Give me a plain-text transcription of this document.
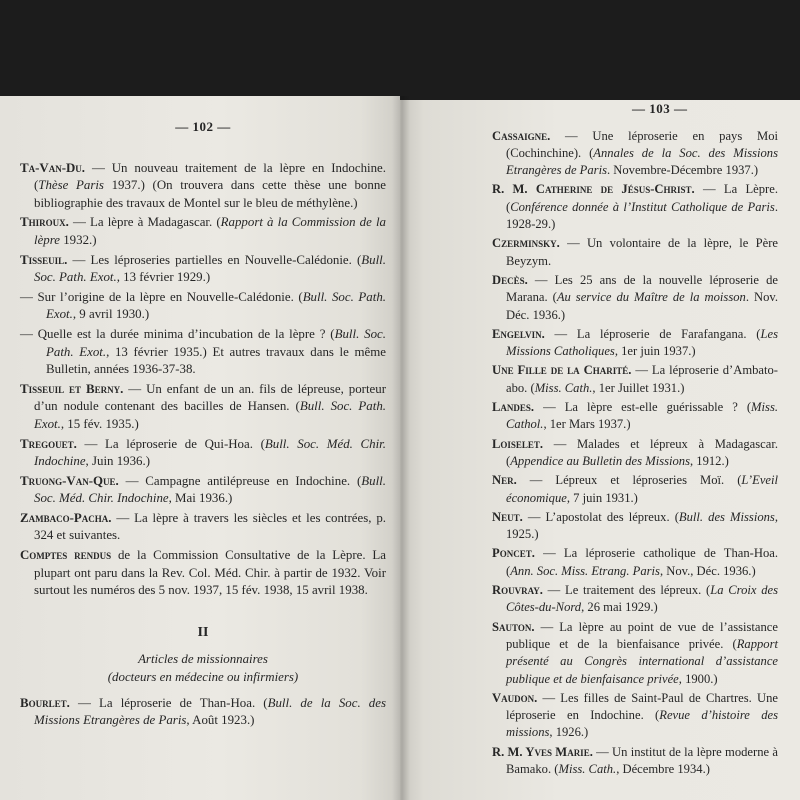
— 102 —

Ta-Van-Du. — Un nouveau traitement de la lèpre en Indochine. (Thèse Paris 1937.) (On trouvera dans cette thèse une bonne bibliographie des travaux de Montel sur le bleu de méthylène.)

Thiroux. — La lèpre à Madagascar. (Rapport à la Commission de la lèpre 1932.)

Tisseuil. — Les léproseries partielles en Nouvelle-Calédonie. (Bull. Soc. Path. Exot., 13 février 1929.)

— Sur l’origine de la lèpre en Nouvelle-Calédonie. (Bull. Soc. Path. Exot., 9 avril 1930.)

— Quelle est la durée minima d’incubation de la lèpre ? (Bull. Soc. Path. Exot., 13 février 1935.) Et autres travaux dans le même Bulletin, années 1936-37-38.

Tisseuil et Berny. — Un enfant de un an. fils de lépreuse, porteur d’un nodule contenant des bacilles de Hansen. (Bull. Soc. Path. Exot., 15 fév. 1935.)

Tregouet. — La léproserie de Qui-Hoa. (Bull. Soc. Méd. Chir. Indochine, Juin 1936.)

Truong-Van-Que. — Campagne antilépreuse en Indochine. (Bull. Soc. Méd. Chir. Indochine, Mai 1936.)

Zambaco-Pacha. — La lèpre à travers les siècles et les contrées, p. 324 et suivantes.

Comptes rendus de la Commission Consultative de la Lèpre. La plupart ont paru dans la Rev. Col. Méd. Chir. à partir de 1932. Voir surtout les numéros des 5 nov. 1937, 15 fév. 1938, 15 avril 1938.

II

Articles de missionnaires

(docteurs en médecine ou infirmiers)

Bourlet. — La léproserie de Than-Hoa. (Bull. de la Soc. des Missions Etrangères de Paris, Août 1923.)

— 103 —

Cassaigne. — Une léproserie en pays Moi (Cochinchine). (Annales de la Soc. des Missions Etrangères de Paris. Novembre-Décembre 1937.)

R. M. Catherine de Jésus-Christ. — La Lèpre. (Conférence donnée à l’Institut Catholique de Paris. 1928-29.)

Czerminsky. — Un volontaire de la lèpre, le Père Beyzym.

Decès. — Les 25 ans de la nouvelle léproserie de Marana. (Au service du Maître de la moisson. Nov. Déc. 1936.)

Engelvin. — La léproserie de Farafangana. (Les Missions Catholiques, 1er juin 1937.)

Une Fille de la Charité. — La léproserie d’Ambato-abo. (Miss. Cath., 1er Juillet 1931.)

Landes. — La lèpre est-elle guérissable ? (Miss. Cathol., 1er Mars 1937.)

Loiselet. — Malades et lépreux à Madagascar. (Appendice au Bulletin des Missions, 1912.)

Ner. — Lépreux et léproseries Moï. (L’Eveil économique, 7 juin 1931.)

Neut. — L’apostolat des lépreux. (Bull. des Missions, 1925.)

Poncet. — La léproserie catholique de Than-Hoa. (Ann. Soc. Miss. Etrang. Paris, Nov., Déc. 1936.)

Rouvray. — Le traitement des lépreux. (La Croix des Côtes-du-Nord, 26 mai 1929.)

Sauton. — La lèpre au point de vue de l’assistance publique et de la bienfaisance privée. (Rapport présenté au Congrès international d’assistance publique et de bienfaisance privée, 1900.)

Vaudon. — Les filles de Saint-Paul de Chartres. Une léproserie en Indochine. (Revue d’histoire des missions, 1926.)

R. M. Yves Marie. — Un institut de la lèpre moderne à Bamako. (Miss. Cath., Décembre 1934.)
